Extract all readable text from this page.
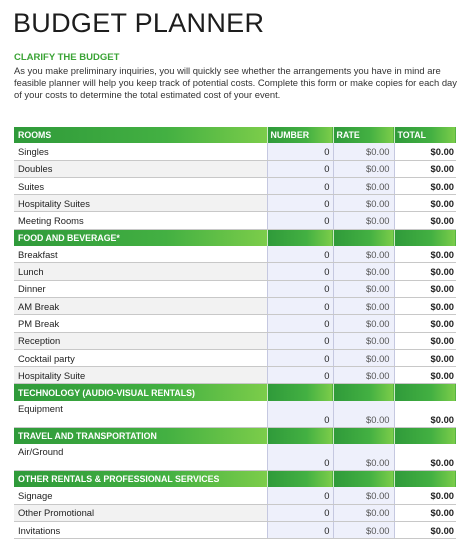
BUDGET PLANNER
CLARIFY THE BUDGET
As you make preliminary inquiries, you will quickly see whether the arrangements you have in mind are feasible planner will help you keep track of potential costs. Complete this form or make copies for each day of your costs to determine the total estimated cost of your event.
ROOMS	NUMBER	RATE	TOTAL
Singles	0	$0.00	$0.00
Doubles	0	$0.00	$0.00
Suites	0	$0.00	$0.00
Hospitality Suites	0	$0.00	$0.00
Meeting Rooms	0	$0.00	$0.00
FOOD AND BEVERAGE*			
Breakfast	0	$0.00	$0.00
Lunch	0	$0.00	$0.00
Dinner	0	$0.00	$0.00
AM Break	0	$0.00	$0.00
PM Break	0	$0.00	$0.00
Reception	0	$0.00	$0.00
Cocktail party	0	$0.00	$0.00
Hospitality Suite	0	$0.00	$0.00
TECHNOLOGY (AUDIO-VISUAL RENTALS)			
Equipment	0	$0.00	$0.00
TRAVEL AND TRANSPORTATION			
Air/Ground	0	$0.00	$0.00
OTHER RENTALS & PROFESSIONAL SERVICES			
Signage	0	$0.00	$0.00
Other Promotional	0	$0.00	$0.00
Invitations	0	$0.00	$0.00
